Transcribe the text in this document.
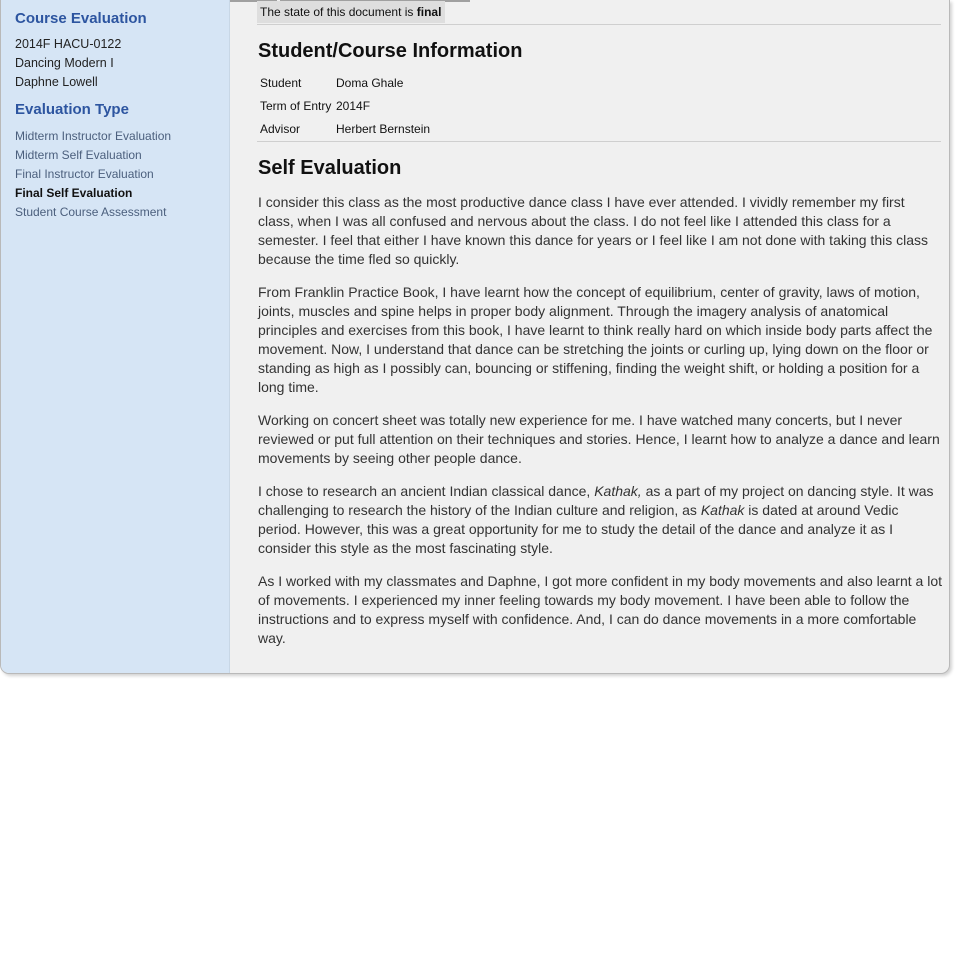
Course Evaluation
2014F HACU-0122
Dancing Modern I
Daphne Lowell
Evaluation Type
Midterm Instructor Evaluation
Midterm Self Evaluation
Final Instructor Evaluation
Final Self Evaluation
Student Course Assessment
The state of this document is final
Student/Course Information
Student	Doma Ghale
Term of Entry 2014F
Advisor	Herbert Bernstein
Self Evaluation

I consider this class as the most productive dance class I have ever attended. I vividly remember my first class, when I was all confused and nervous about the class. I do not feel like I attended this class for a semester. I feel that either I have known this dance for years or I feel like I am not done with taking this class because the time fled so quickly.

From Franklin Practice Book, I have learnt how the concept of equilibrium, center of gravity, laws of motion, joints, muscles and spine helps in proper body alignment. Through the imagery analysis of anatomical principles and exercises from this book, I have learnt to think really hard on which inside body parts affect the movement. Now, I understand that dance can be stretching the joints or curling up, lying down on the floor or standing as high as I possibly can, bouncing or stiffening, finding the weight shift, or holding a position for a long time.

Working on concert sheet was totally new experience for me. I have watched many concerts, but I never reviewed or put full attention on their techniques and stories. Hence, I learnt how to analyze a dance and learn movements by seeing other people dance.

I chose to research an ancient Indian classical dance, Kathak, as a part of my project on dancing style. It was challenging to research the history of the Indian culture and religion, as Kathak is dated at around Vedic period. However, this was a great opportunity for me to study the detail of the dance and analyze it as I consider this style as the most fascinating style.

As I worked with my classmates and Daphne, I got more confident in my body movements and also learnt a lot of movements. I experienced my inner feeling towards my body movement. I have been able to follow the instructions and to express myself with confidence. And, I can do dance movements in a more comfortable way.
